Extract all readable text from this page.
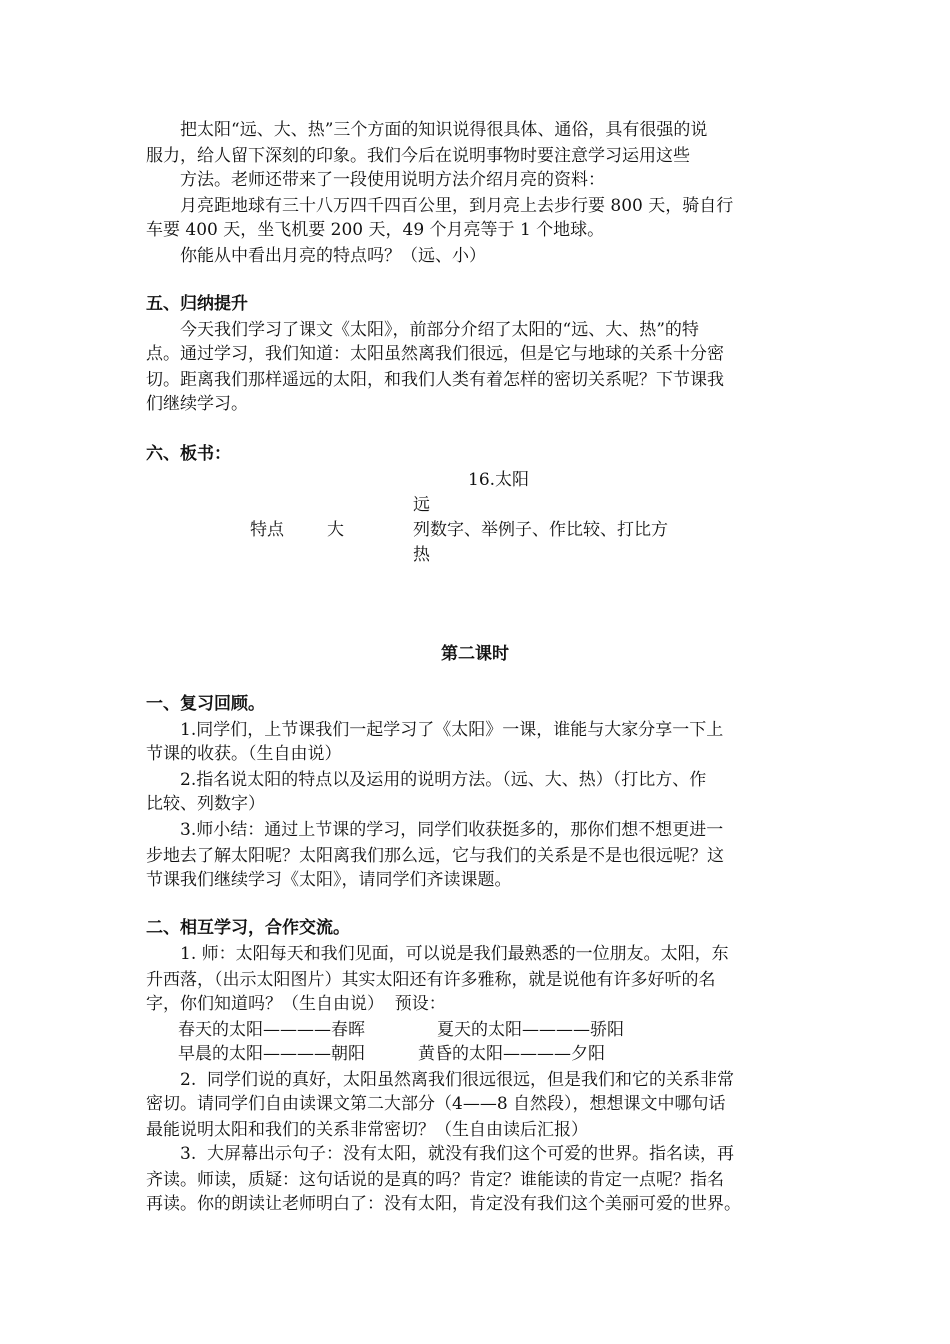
把太阳“远、大、热”三个方面的知识说得很具体、通俗，具有很强的说
服力，给人留下深刻的印象。我们今后在说明事物时要注意学习运用这些
方法。老师还带来了一段使用说明方法介绍月亮的资料：
月亮距地球有三十八万四千四百公里，到月亮上去步行要 800 天，骑自行
车要 400 天，坐飞机要 200 天，49 个月亮等于 1 个地球。
你能从中看出月亮的特点吗？（远、小）
五、归纳提升
今天我们学习了课文《太阳》，前部分介绍了太阳的“远、大、热”的特
点。通过学习，我们知道：太阳虽然离我们很远，但是它与地球的关系十分密
切。距离我们那样遥远的太阳，和我们人类有着怎样的密切关系呢？下节课我
们继续学习。
六、板书：
16.太阳
远
特点	大	列数字、举例子、作比较、打比方
热
第二课时
一、复习回顾。
1.同学们，上节课我们一起学习了《太阳》一课，谁能与大家分享一下上
节课的收获。（生自由说）
2.指名说太阳的特点以及运用的说明方法。（远、大、热）（打比方、作
比较、列数字）
3.师小结：通过上节课的学习，同学们收获挺多的，那你们想不想更进一
步地去了解太阳呢？太阳离我们那么远，它与我们的关系是不是也很远呢？这
节课我们继续学习《太阳》，请同学们齐读课题。
二、相互学习，合作交流。
1. 师：太阳每天和我们见面，可以说是我们最熟悉的一位朋友。太阳，东
升西落，（出示太阳图片）其实太阳还有许多雅称，就是说他有许多好听的名
字，你们知道吗？（生自由说）  预设：
春天的太阳————春晖	夏天的太阳————骄阳
早晨的太阳————朝阳	黄昏的太阳————夕阳
2.  同学们说的真好，太阳虽然离我们很远很远，但是我们和它的关系非常
密切。请同学们自由读课文第二大部分（4——8 自然段），想想课文中哪句话
最能说明太阳和我们的关系非常密切？（生自由读后汇报）
3.  大屏幕出示句子：没有太阳，就没有我们这个可爱的世界。指名读，再
齐读。师读，质疑：这句话说的是真的吗？肯定？谁能读的肯定一点呢？指名
再读。你的朗读让老师明白了：没有太阳，肯定没有我们这个美丽可爱的世界。
